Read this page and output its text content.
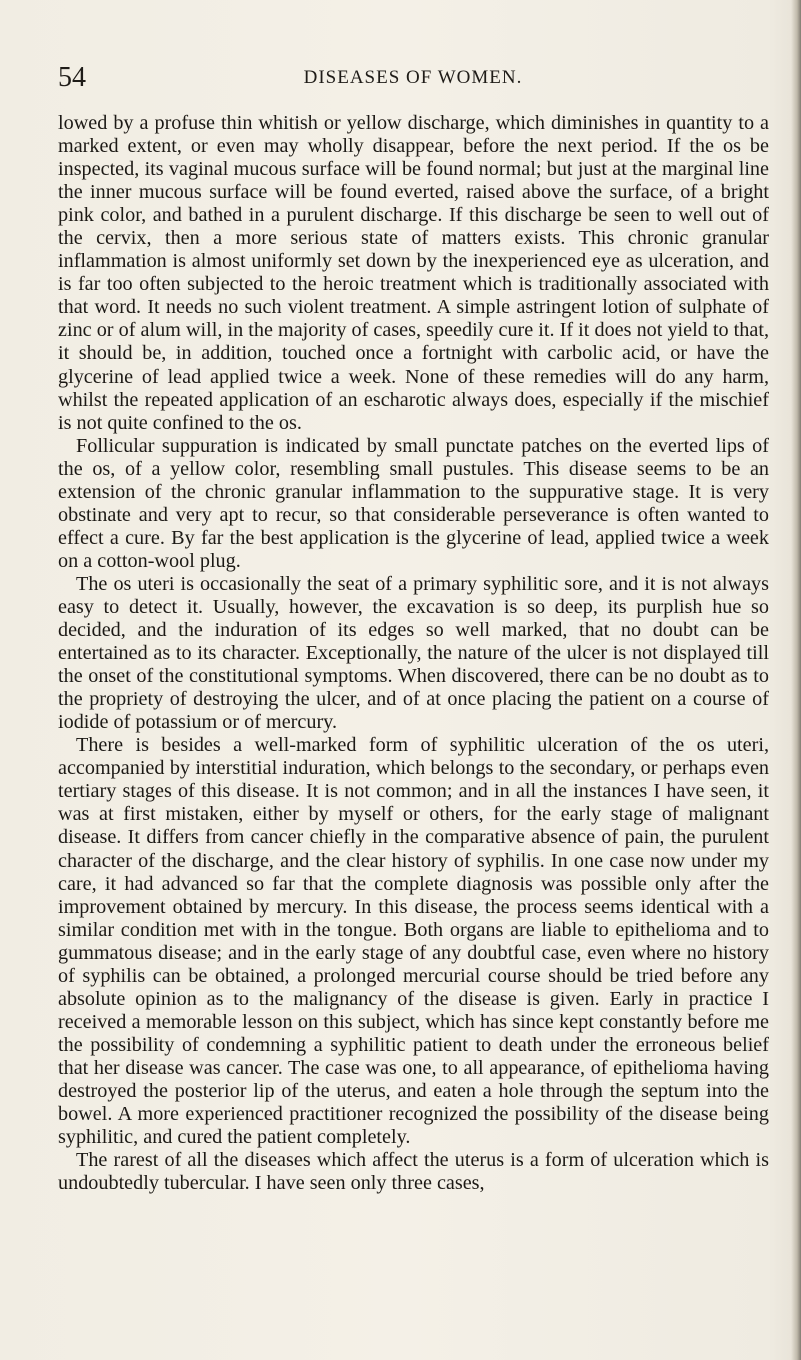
54	DISEASES OF WOMEN.

lowed by a profuse thin whitish or yellow discharge, which diminishes in quantity to a marked extent, or even may wholly disappear, before the next period. If the os be inspected, its vaginal mucous surface will be found normal; but just at the marginal line the inner mucous surface will be found everted, raised above the surface, of a bright pink color, and bathed in a purulent discharge. If this discharge be seen to well out of the cervix, then a more serious state of matters exists. This chronic granular inflammation is almost uniformly set down by the inexperienced eye as ulceration, and is far too often subjected to the heroic treatment which is traditionally associated with that word. It needs no such violent treatment. A simple astringent lotion of sulphate of zinc or of alum will, in the majority of cases, speedily cure it. If it does not yield to that, it should be, in addition, touched once a fortnight with carbolic acid, or have the glycerine of lead applied twice a week. None of these remedies will do any harm, whilst the repeated application of an escharotic always does, especially if the mischief is not quite confined to the os.

Follicular suppuration is indicated by small punctate patches on the everted lips of the os, of a yellow color, resembling small pustules. This disease seems to be an extension of the chronic granular inflammation to the suppurative stage. It is very obstinate and very apt to recur, so that considerable perseverance is often wanted to effect a cure. By far the best application is the glycerine of lead, applied twice a week on a cotton-wool plug.

The os uteri is occasionally the seat of a primary syphilitic sore, and it is not always easy to detect it. Usually, however, the excavation is so deep, its purplish hue so decided, and the induration of its edges so well marked, that no doubt can be entertained as to its character. Exceptionally, the nature of the ulcer is not displayed till the onset of the constitutional symptoms. When discovered, there can be no doubt as to the propriety of destroying the ulcer, and of at once placing the patient on a course of iodide of potassium or of mercury.

There is besides a well-marked form of syphilitic ulceration of the os uteri, accompanied by interstitial induration, which belongs to the secondary, or perhaps even tertiary stages of this disease. It is not common; and in all the instances I have seen, it was at first mistaken, either by myself or others, for the early stage of malignant disease. It differs from cancer chiefly in the comparative absence of pain, the purulent character of the discharge, and the clear history of syphilis. In one case now under my care, it had advanced so far that the complete diagnosis was possible only after the improvement obtained by mercury. In this disease, the process seems identical with a similar condition met with in the tongue. Both organs are liable to epithelioma and to gummatous disease; and in the early stage of any doubtful case, even where no history of syphilis can be obtained, a prolonged mercurial course should be tried before any absolute opinion as to the malignancy of the disease is given. Early in practice I received a memorable lesson on this subject, which has since kept constantly before me the possibility of condemning a syphilitic patient to death under the erroneous belief that her disease was cancer. The case was one, to all appearance, of epithelioma having destroyed the posterior lip of the uterus, and eaten a hole through the septum into the bowel. A more experienced practitioner recognized the possibility of the disease being syphilitic, and cured the patient completely.

The rarest of all the diseases which affect the uterus is a form of ulceration which is undoubtedly tubercular. I have seen only three cases,
